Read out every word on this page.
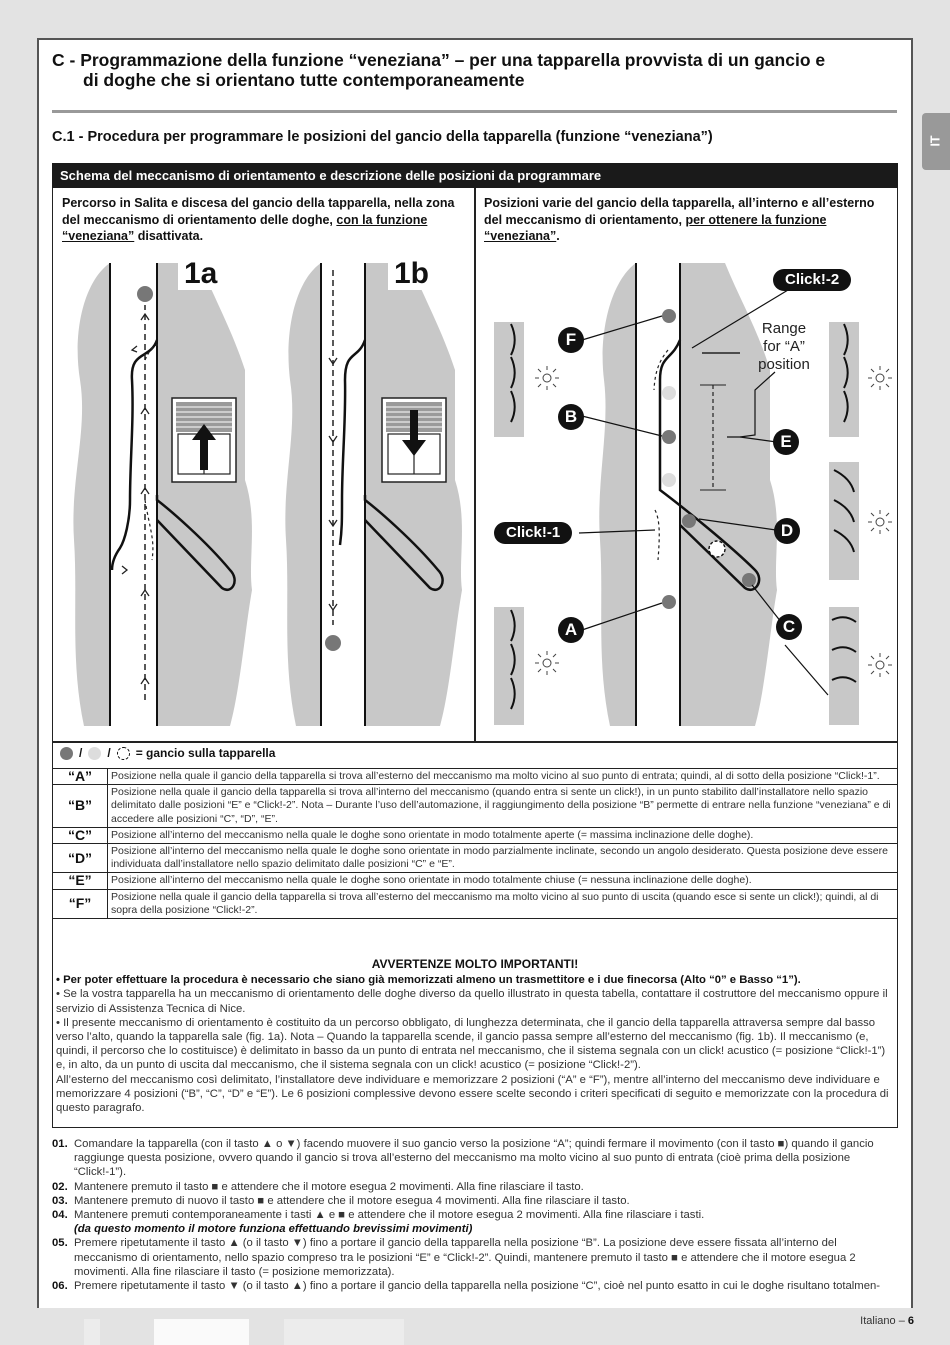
C - Programmazione della funzione “veneziana” – per una tapparella provvista di un gancio e
di doghe che si orientano tutte contemporaneamente
C.1 - Procedura per programmare le posizioni del gancio della tapparella (funzione “veneziana”)	IT
Schema del meccanismo di orientamento e descrizione delle posizioni da programmare
Percorso in Salita e discesa del gancio della tapparella, nella zona del meccanismo di orientamento delle doghe, con la funzione “veneziana” disattivata.
Posizioni varie del gancio della tapparella, all’interno e all’esterno del meccanismo di orientamento, per ottenere la funzione “veneziana”.
1a	1b
Click!-1
Click!-2
Range for “A” position
F
B
A
E
D
C
/ / = gancio sulla tapparella
“A”	Posizione nella quale il gancio della tapparella si trova all’esterno del meccanismo ma molto vicino al suo punto di entrata; quindi, al di sotto della posizione “Click!-1”.
“B”	Posizione nella quale il gancio della tapparella si trova all’interno del meccanismo (quando entra si sente un click!), in un punto stabilito dall’installatore nello spazio delimitato dalle posizioni “E” e “Click!-2”. Nota – Durante l’uso dell’automazione, il raggiungimento della posizione “B” permette di entrare nella funzione “veneziana” e di accedere alle posizioni “C”, “D”, “E”.
“C”	Posizione all’interno del meccanismo nella quale le doghe sono orientate in modo totalmente aperte (= massima inclinazione delle doghe).
“D”	Posizione all’interno del meccanismo nella quale le doghe sono orientate in modo parzialmente inclinate, secondo un angolo desiderato. Questa posizione deve essere individuata dall’installatore nello spazio delimitato dalle posizioni “C” e “E”.
“E”	Posizione all’interno del meccanismo nella quale le doghe sono orientate in modo totalmente chiuse (= nessuna inclinazione delle doghe).
“F”	Posizione nella quale il gancio della tapparella si trova all’esterno del meccanismo ma molto vicino al suo punto di uscita (quando esce si sente un click!); quindi, al di sopra della posizione “Click!-2”.
AVVERTENZE MOLTO IMPORTANTI!

• Per poter effettuare la procedura è necessario che siano già memorizzati almeno un trasmettitore e i due finecorsa (Alto “0” e Basso “1”).

• Se la vostra tapparella ha un meccanismo di orientamento delle doghe diverso da quello illustrato in questa tabella, contattare il costruttore del meccanismo oppure il servizio di Assistenza Tecnica di Nice.

• Il presente meccanismo di orientamento è costituito da un percorso obbligato, di lunghezza determinata, che il gancio della tapparella attraversa sempre dal basso verso l’alto, quando la tapparella sale (fig. 1a). Nota – Quando la tapparella scende, il gancio passa sempre all’esterno del meccanismo (fig. 1b). Il meccanismo (e, quindi, il percorso che lo costituisce) è delimitato in basso da un punto di entrata nel meccanismo, che il sistema segnala con un click! acustico (= posizione “Click!-1”) e, in alto, da un punto di uscita dal meccanismo, che il sistema segnala con un click! acustico (= posizione “Click!-2”).

All’esterno del meccanismo così delimitato, l’installatore deve individuare e memorizzare 2 posizioni (“A” e “F”), mentre all’interno del meccanismo deve individuare e memorizzare 4 posizioni (“B”, “C”, “D” e “E”). Le 6 posizioni complessive devono essere scelte secondo i criteri specificati di seguito e memorizzate con la procedura di questo paragrafo.

01. Comandare la tapparella (con il tasto ▲ o ▼) facendo muovere il suo gancio verso la posizione “A”; quindi fermare il movimento (con il tasto ■) quando il gancio raggiunge questa posizione, ovvero quando il gancio si trova all’esterno del meccanismo ma molto vicino al suo punto di entrata (cioè prima della posizione “Click!-1”).
02. Mantenere premuto il tasto ■ e attendere che il motore esegua 2 movimenti. Alla fine rilasciare il tasto.
03. Mantenere premuto di nuovo il tasto ■ e attendere che il motore esegua 4 movimenti. Alla fine rilasciare il tasto.
04. Mantenere premuti contemporaneamente i tasti ▲ e ■ e attendere che il motore esegua 2 movimenti. Alla fine rilasciare i tasti.
(da questo momento il motore funziona effettuando brevissimi movimenti)
05. Premere ripetutamente il tasto ▲ (o il tasto ▼) fino a portare il gancio della tapparella nella posizione “B”. La posizione deve essere fissata all’interno del meccanismo di orientamento, nello spazio compreso tra le posizioni “E” e “Click!-2”. Quindi, mantenere premuto il tasto ■ e attendere che il motore esegua 2 movimenti. Alla fine rilasciare il tasto (= posizione memorizzata).
06. Premere ripetutamente il tasto ▼ (o il tasto ▲) fino a portare il gancio della tapparella nella posizione “C”, cioè nel punto esatto in cui le doghe risultano totalmen-
Italiano – 6
